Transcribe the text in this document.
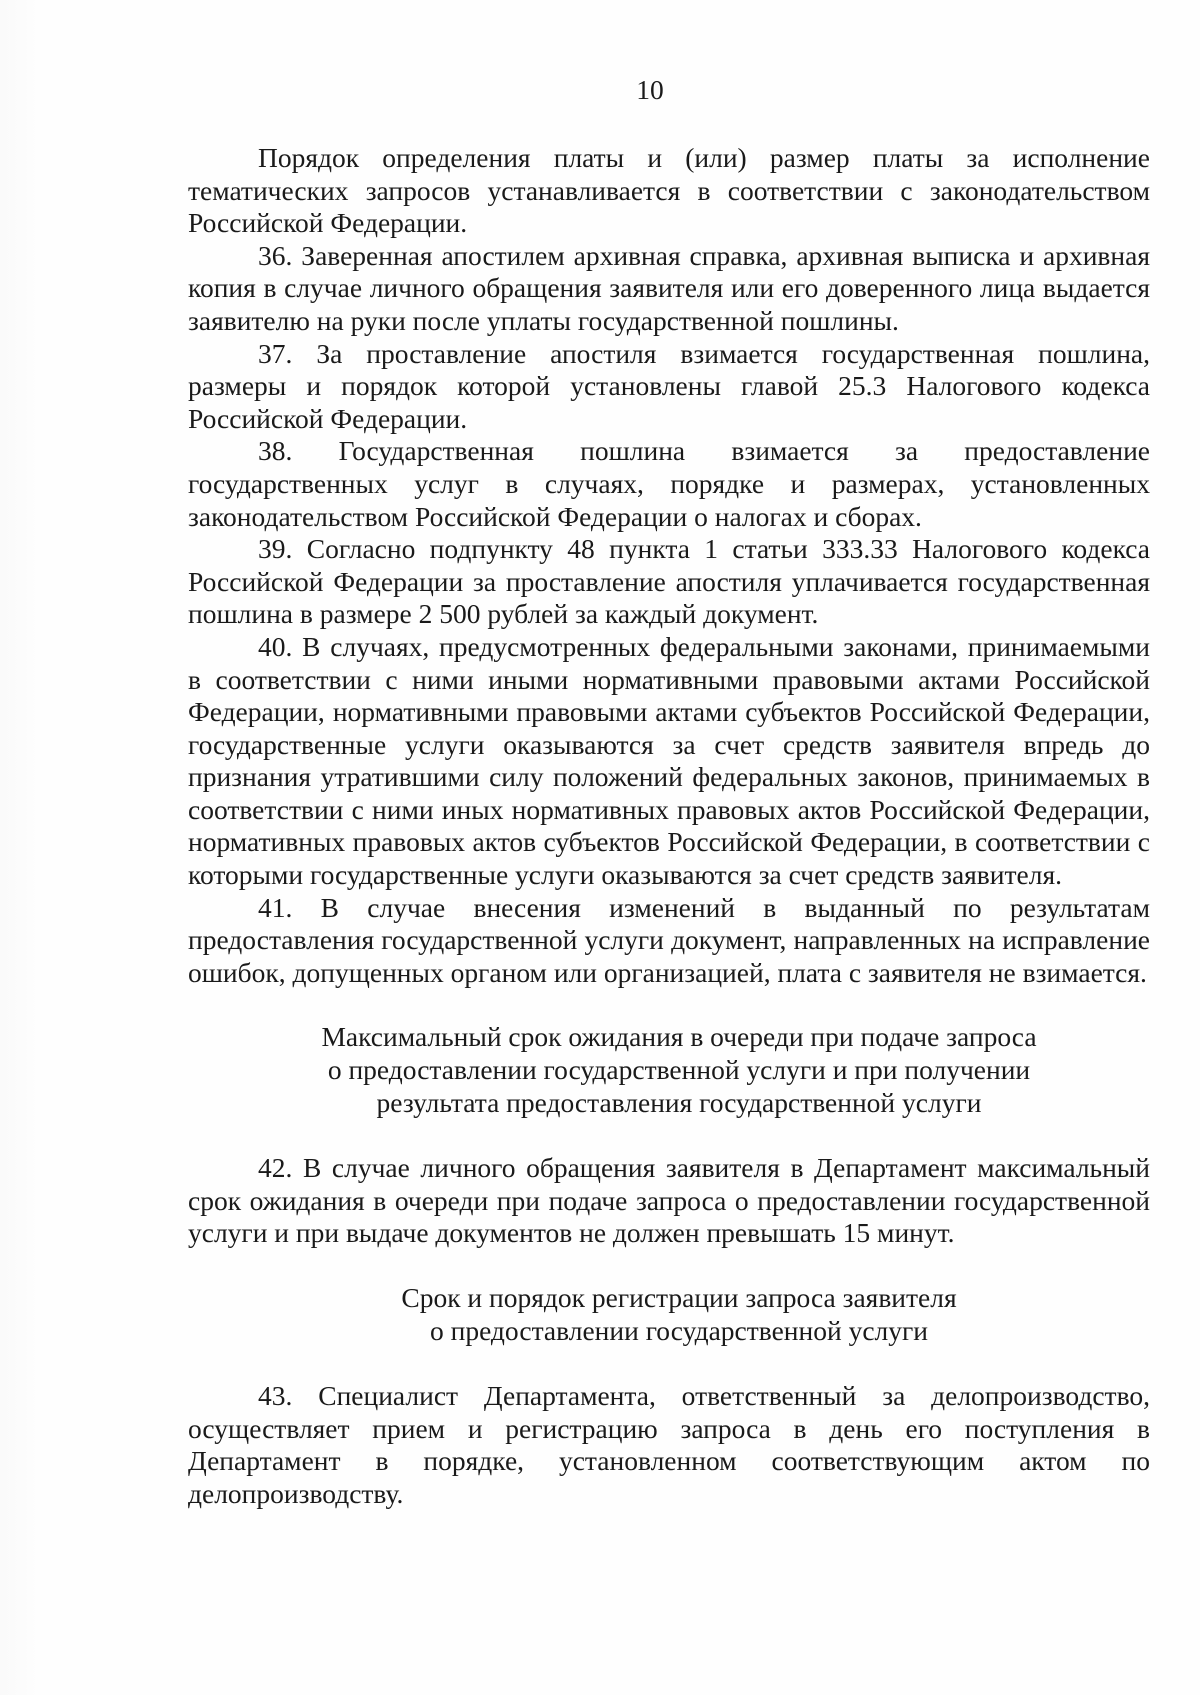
10

Порядок определения платы и (или) размер платы за исполнение тематических запросов устанавливается в соответствии с законодательством Российской Федерации.

36. Заверенная апостилем архивная справка, архивная выписка и архивная копия в случае личного обращения заявителя или его доверенного лица выдается заявителю на руки после уплаты государственной пошлины.

37. За проставление апостиля взимается государственная пошлина, размеры и порядок которой установлены главой 25.3 Налогового кодекса Российской Федерации.

38. Государственная пошлина взимается за предоставление государственных услуг в случаях, порядке и размерах, установленных законодательством Российской Федерации о налогах и сборах.

39. Согласно подпункту 48 пункта 1 статьи 333.33 Налогового кодекса Российской Федерации за проставление апостиля уплачивается государственная пошлина в размере 2 500 рублей за каждый документ.

40. В случаях, предусмотренных федеральными законами, принимаемыми в соответствии с ними иными нормативными правовыми актами Российской Федерации, нормативными правовыми актами субъектов Российской Федерации, государственные услуги оказываются за счет средств заявителя впредь до признания утратившими силу положений федеральных законов, принимаемых в соответствии с ними иных нормативных правовых актов Российской Федерации, нормативных правовых актов субъектов Российской Федерации, в соответствии с которыми государственные услуги оказываются за счет средств заявителя.

41. В случае внесения изменений в выданный по результатам предоставления государственной услуги документ, направленных на исправление ошибок, допущенных органом или организацией, плата с заявителя не взимается.

Максимальный срок ожидания в очереди при подаче запроса
о предоставлении государственной услуги и при получении
результата предоставления государственной услуги

42. В случае личного обращения заявителя в Департамент максимальный срок ожидания в очереди при подаче запроса о предоставлении государственной услуги и при выдаче документов не должен превышать 15 минут.

Срок и порядок регистрации запроса заявителя
о предоставлении государственной услуги

43. Специалист Департамента, ответственный за делопроизводство, осуществляет прием и регистрацию запроса в день его поступления в Департамент в порядке, установленном соответствующим актом по делопроизводству.
